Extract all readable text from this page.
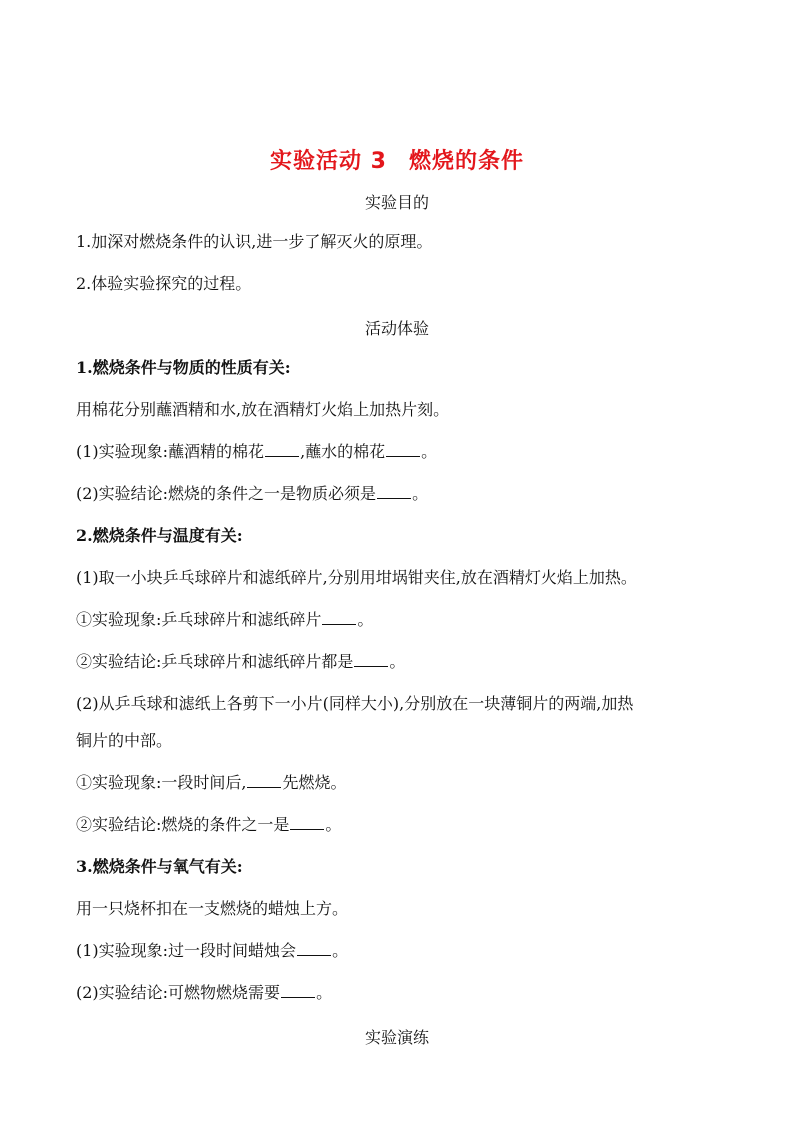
实验活动 3 燃烧的条件
实验目的
1.加深对燃烧条件的认识,进一步了解灭火的原理。
2.体验实验探究的过程。
活动体验
1.燃烧条件与物质的性质有关:
用棉花分别蘸酒精和水,放在酒精灯火焰上加热片刻。
(1)实验现象:蘸酒精的棉花 ,蘸水的棉花 。
(2)实验结论:燃烧的条件之一是物质必须是 。
2.燃烧条件与温度有关:
(1)取一小块乒乓球碎片和滤纸碎片,分别用坩埚钳夹住,放在酒精灯火焰上加热。
①实验现象:乒乓球碎片和滤纸碎片 。
②实验结论:乒乓球碎片和滤纸碎片都是 。
(2)从乒乓球和滤纸上各剪下一小片(同样大小),分别放在一块薄铜片的两端,加热
铜片的中部。
①实验现象:一段时间后, 先燃烧。
②实验结论:燃烧的条件之一是 。
3.燃烧条件与氧气有关:
用一只烧杯扣在一支燃烧的蜡烛上方。
(1)实验现象:过一段时间蜡烛会 。
(2)实验结论:可燃物燃烧需要 。
实验演练
